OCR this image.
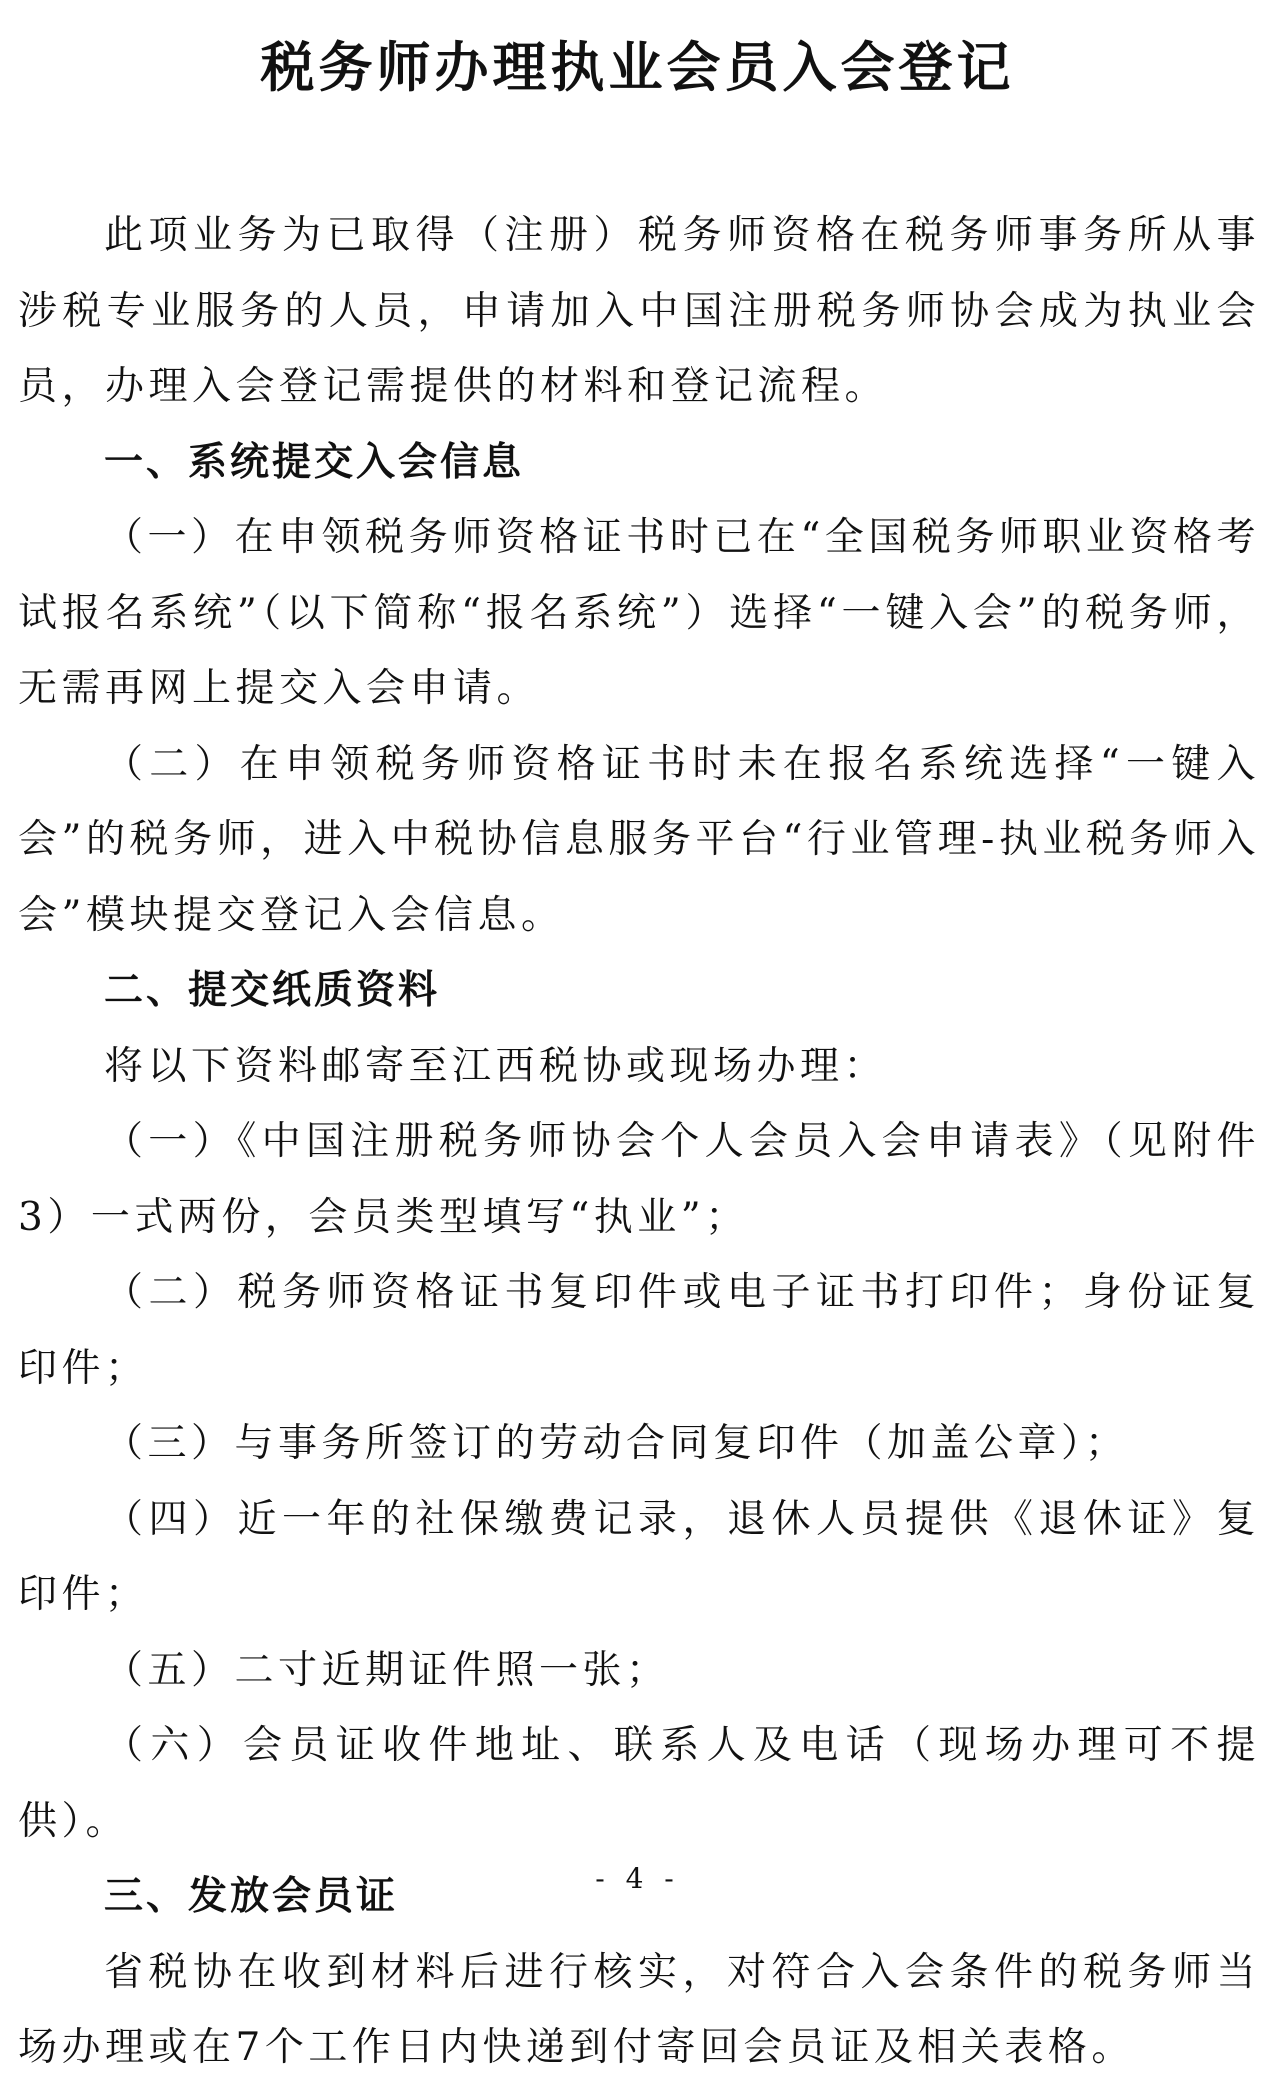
税务师办理执业会员入会登记

此项业务为已取得（注册）税务师资格在税务师事务所从事涉税专业服务的人员，申请加入中国注册税务师协会成为执业会员，办理入会登记需提供的材料和登记流程。

一、系统提交入会信息

（一）在申领税务师资格证书时已在“全国税务师职业资格考试报名系统”（以下简称“报名系统”）选择“一键入会”的税务师，无需再网上提交入会申请。

（二）在申领税务师资格证书时未在报名系统选择“一键入会”的税务师，进入中税协信息服务平台“行业管理-执业税务师入会”模块提交登记入会信息。

二、提交纸质资料

将以下资料邮寄至江西税协或现场办理：

（一）《中国注册税务师协会个人会员入会申请表》（见附件3）一式两份，会员类型填写“执业”；

（二）税务师资格证书复印件或电子证书打印件；身份证复印件；

（三）与事务所签订的劳动合同复印件（加盖公章）；

（四）近一年的社保缴费记录，退休人员提供《退休证》复印件；

（五）二寸近期证件照一张；

（六）会员证收件地址、联系人及电话（现场办理可不提供）。

三、发放会员证

省税协在收到材料后进行核实，对符合入会条件的税务师当场办理或在7个工作日内快递到付寄回会员证及相关表格。

- 4 -
